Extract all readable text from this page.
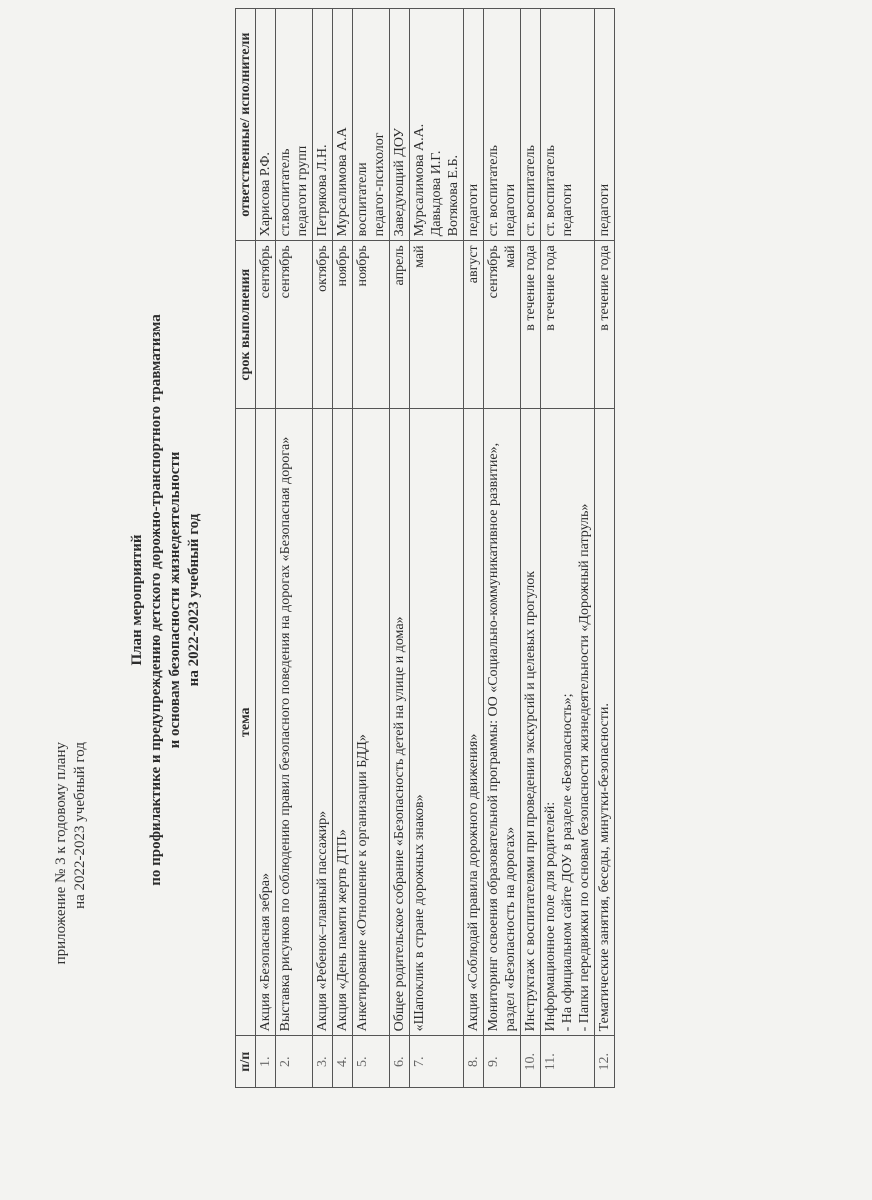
приложение № 3 к годовому плану на 2022-2023 учебный год
План мероприятий по профилактике и предупреждению детского дорожно-транспортного травматизма и основам безопасности жизнедеятельности на 2022-2023 учебный год
п/п	тема	срок выполнения	ответственные/ исполнители
1.	Акция «Безопасная зебра»	сентябрь	Харисова Р.Ф.

2.	Выставка рисунков по соблюдению правил безопасного поведения на дорогах «Безопасная дорога»	сентябрь	ст.воспитатель педагоги групп

3.	Акция «Ребенок–главный пассажир»	октябрь	Петрякова Л.Н.

4.	Акция «День памяти жертв ДТП»	ноябрь	Мурсалимова А.А

5.	Анкетирование «Отношение к организации БДД»	ноябрь	воспитатели педагог-психолог

6.	Общее родительское собрание «Безопасность детей на улице и дома»	апрель	Заведующий ДОУ

7.	«Шапоклик в стране дорожных знаков»	май	Мурсалимова А.А. Давыдова И.Г. Вотякова Е.Б.

8.	Акция «Соблюдай правила дорожного движения»	август	педагоги

9.	Мониторинг освоения образовательной программы: ОО «Социально-коммуникативное развитие», раздел «Безопасность на дорогах»	сентябрь май	ст. воспитатель педагоги

10.	Инструктаж с воспитателями при проведении экскурсий и целевых прогулок	в течение года	ст. воспитатель

11.	Информационное поле для родителей: - На официальном сайте ДОУ в разделе «Безопасность»; - Папки передвижки по основам безопасности жизнедеятельности «Дорожный патруль»	в течение года	ст. воспитатель педагоги

12.	Тематические занятия, беседы, минутки-безопасности.	в течение года	педагоги
